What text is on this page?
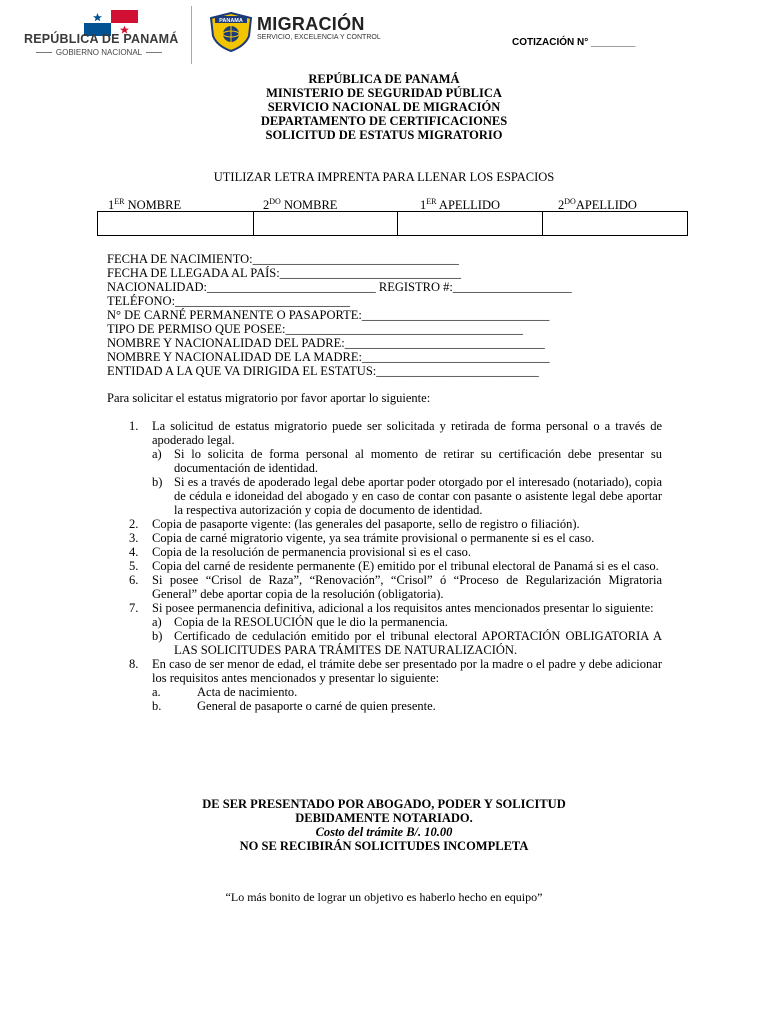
REPÚBLICA DE PANAMÁ
GOBIERNO NACIONAL
PANAMA MIGRACIÓN
SERVICIO, EXCELENCIA Y CONTROL	COTIZACIÓN N° ________
REPÚBLICA DE PANAMÁ
MINISTERIO DE SEGURIDAD PÚBLICA
SERVICIO NACIONAL DE MIGRACIÓN
DEPARTAMENTO DE CERTIFICACIONES
SOLICITUD DE ESTATUS MIGRATORIO
UTILIZAR LETRA IMPRENTA PARA LLENAR LOS ESPACIOS
1ER NOMBRE	$2^{DO}$ NOMBRE	1ER APELLIDO	$2^{DO}APELLIDO$

FECHA DE NACIMIENTO:_________________________________
FECHA DE LLEGADA AL PAÍS:_____________________________
NACIONALIDAD:___________________________ REGISTRO #:___________________
TELÉFONO:____________________________
N° DE CARNÉ PERMANENTE O PASAPORTE:______________________________
TIPO DE PERMISO QUE POSEE:______________________________________
NOMBRE Y NACIONALIDAD DEL PADRE:________________________________
NOMBRE Y NACIONALIDAD DE LA MADRE:______________________________
ENTIDAD A LA QUE VA DIRIGIDA EL ESTATUS:__________________________
Para solicitar el estatus migratorio por favor aportar lo siguiente:
1. La solicitud de estatus migratorio puede ser solicitada y retirada de forma personal o a través de apoderado legal.
a) Si lo solicita de forma personal al momento de retirar su certificación debe presentar su documentación de identidad.
b) Si es a través de apoderado legal debe aportar poder otorgado por el interesado (notariado), copia de cédula e idoneidad del abogado y en caso de contar con pasante o asistente legal debe aportar la respectiva autorización y copia de documento de identidad.
2. Copia de pasaporte vigente: (las generales del pasaporte, sello de registro o filiación).
3. Copia de carné migratorio vigente, ya sea trámite provisional o permanente si es el caso.
4. Copia de la resolución de permanencia provisional si es el caso.
5. Copia del carné de residente permanente (E) emitido por el tribunal electoral de Panamá si es el caso.
6. Si posee “Crisol de Raza”, “Renovación”, “Crisol” ó “Proceso de Regularización Migratoria General” debe aportar copia de la resolución (obligatoria).
7. Si posee permanencia definitiva, adicional a los requisitos antes mencionados presentar lo siguiente:
a) Copia de la RESOLUCIÓN que le dio la permanencia.
b) Certificado de cedulación emitido por el tribunal electoral APORTACIÓN OBLIGATORIA A LAS SOLICITUDES PARA TRÁMITES DE NATURALIZACIÓN.
8. En caso de ser menor de edad, el trámite debe ser presentado por la madre o el padre y debe adicionar los requisitos antes mencionados y presentar lo siguiente:
a.	Acta de nacimiento.
b.	General de pasaporte o carné de quien presente.
DE SER PRESENTADO POR ABOGADO, PODER Y SOLICITUD
DEBIDAMENTE NOTARIADO.
Costo del trámite B/. 10.00
NO SE RECIBIRÁN SOLICITUDES INCOMPLETA
“Lo más bonito de lograr un objetivo es haberlo hecho en equipo”
